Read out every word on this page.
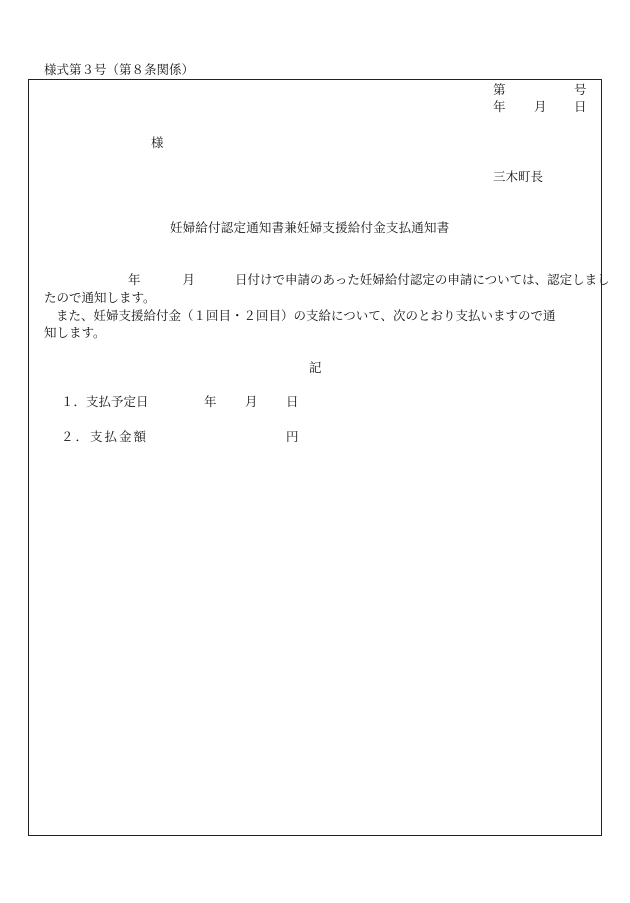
様式第３号（第８条関係）
第	号
年 月 日
様
三木町長
妊婦給付認定通知書兼妊婦支援給付金支払通知書
年	月	日付けで申請のあった妊婦給付認定の申請については、認定しまし
たので通知します。
また、妊婦支援給付金（１回目・２回目）の支給について、次のとおり支払いますので通
知します。
記
１．支払予定日	年 月 日
２．支払金額	円
